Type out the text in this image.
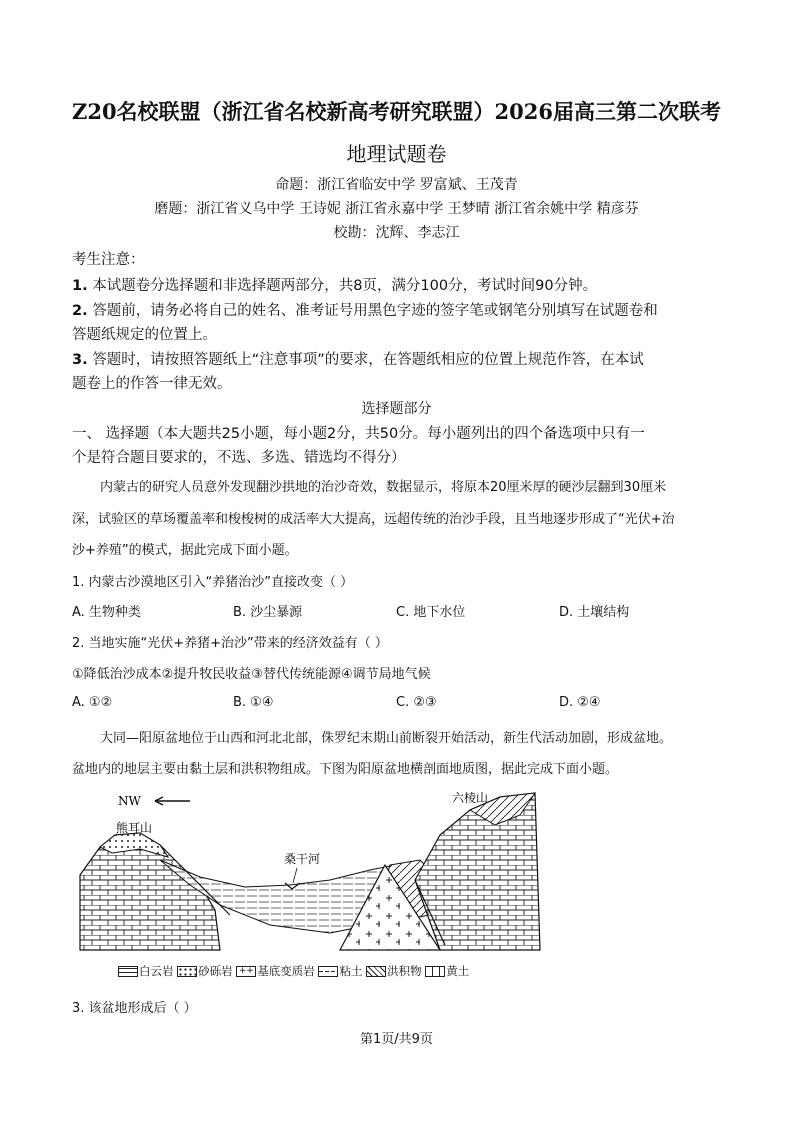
Z20名校联盟（浙江省名校新高考研究联盟）2026届高三第二次联考
地理试题卷
命题：浙江省临安中学 罗富斌、王茂青
磨题：浙江省义乌中学 王诗妮 浙江省永嘉中学 王梦晴 浙江省余姚中学 精彦芬
校勘：沈辉、李志江
考生注意：
1. 本试题卷分选择题和非选择题两部分，共8页，满分100分，考试时间90分钟。
2. 答题前，请务必将自己的姓名、准考证号用黑色字迹的签字笔或钢笔分别填写在试题卷和
答题纸规定的位置上。
3. 答题时，请按照答题纸上“注意事项”的要求，在答题纸相应的位置上规范作答，在本试
题卷上的作答一律无效。
选择题部分
一、 选择题（本大题共25小题，每小题2分，共50分。每小题列出的四个备选项中只有一
个是符合题目要求的，不选、多选、错选均不得分）
内蒙古的研究人员意外发现翻沙拱地的治沙奇效，数据显示，将原本20厘米厚的硬沙层翻到30厘米
深，试验区的草场覆盖率和梭梭树的成活率大大提高，远超传统的治沙手段，且当地逐步形成了“光伏+治
沙+养殖”的模式，据此完成下面小题。
1. 内蒙古沙漠地区引入“养猪治沙”直接改变（ ）
A. 生物种类	B. 沙尘暴源	C. 地下水位	D. 土壤结构
2. 当地实施“光伏+养猪+治沙”带来的经济效益有（ ）
①降低治沙成本②提升牧民收益③替代传统能源④调节局地气候
A. ①②	B. ①④	C. ②③	D. ②④
大同—阳原盆地位于山西和河北北部，侏罗纪末期山前断裂开始活动，新生代活动加剧，形成盆地。
盆地内的地层主要由黏土层和洪积物组成。下图为阳原盆地横剖面地质图，据此完成下面小题。
NW
熊耳山
六棱山
桑干河
白云岩 砂砾岩 ++ 基底变质岩 粘土 洪积物 黄土
3. 该盆地形成后（ ）
第1页/共9页
